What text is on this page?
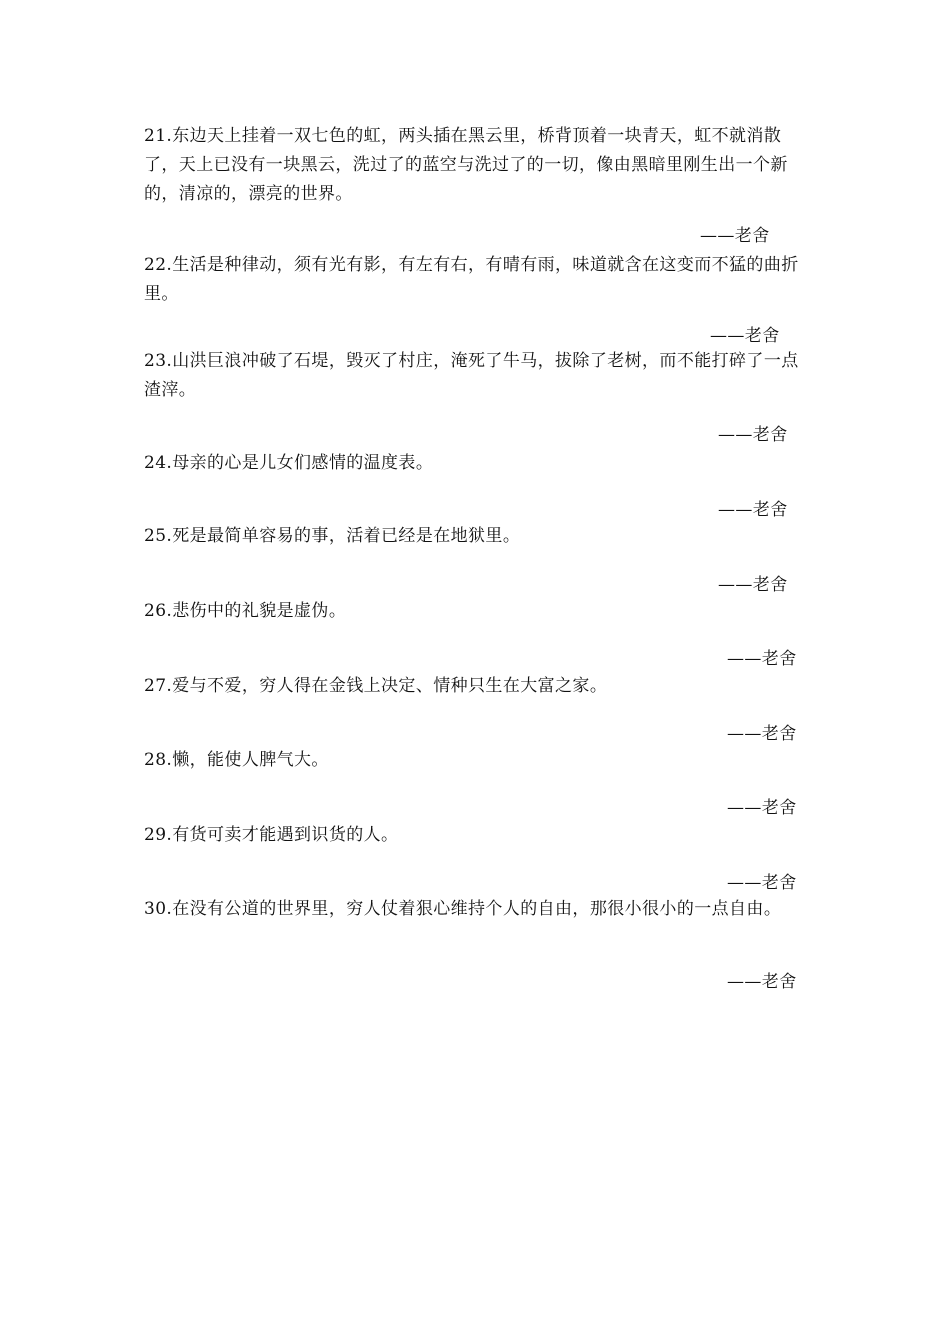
21.东边天上挂着一双七色的虹，两头插在黑云里，桥背顶着一块青天，虹不就消散了，天上已没有一块黑云，洗过了的蓝空与洗过了的一切，像由黑暗里刚生出一个新的，清凉的，漂亮的世界。

——老舍

22.生活是种律动，须有光有影，有左有右，有晴有雨，味道就含在这变而不猛的曲折里。

——老舍

23.山洪巨浪冲破了石堤，毁灭了村庄，淹死了牛马，拔除了老树，而不能打碎了一点渣滓。

——老舍

24.母亲的心是儿女们感情的温度表。

——老舍

25.死是最简单容易的事，活着已经是在地狱里。

——老舍

26.悲伤中的礼貌是虚伪。

——老舍

27.爱与不爱，穷人得在金钱上决定、情种只生在大富之家。

——老舍

28.懒，能使人脾气大。

——老舍

29.有货可卖才能遇到识货的人。

——老舍

30.在没有公道的世界里，穷人仗着狠心维持个人的自由，那很小很小的一点自由。

——老舍
